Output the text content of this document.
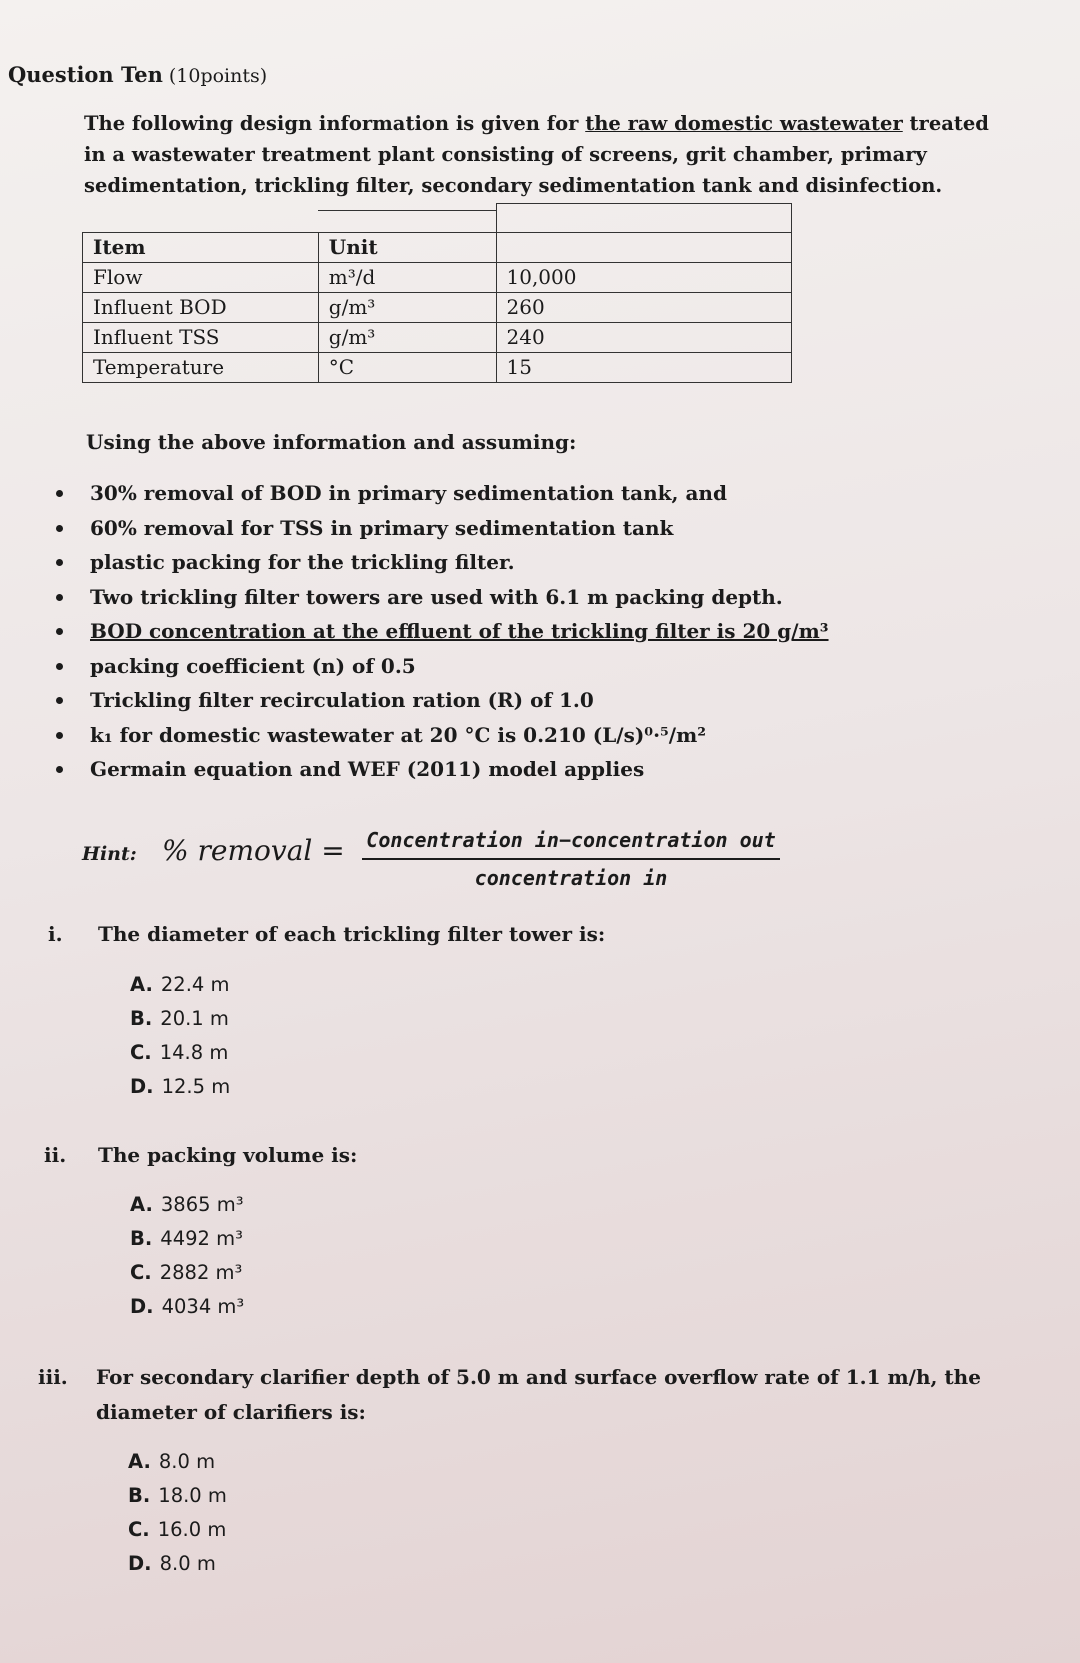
Question Ten (10points)
The following design information is given for the raw domestic wastewater treated
in a wastewater treatment plant consisting of screens, grit chamber, primary
sedimentation, trickling filter, secondary sedimentation tank and disinfection.
Item	Unit	
Flow	m³/d	10,000
Influent BOD	g/m³	260
Influent TSS	g/m³	240
Temperature	°C	15
Using the above information and assuming:
30% removal of BOD in primary sedimentation tank, and
60% removal for TSS in primary sedimentation tank
plastic packing for the trickling filter.
Two trickling filter towers are used with 6.1 m packing depth.
BOD concentration at the effluent of the trickling filter is 20 g/m³
packing coefficient (n) of 0.5
Trickling filter recirculation ration (R) of 1.0
k₁ for domestic wastewater at 20 °C is 0.210 (L/s)⁰·⁵/m²
Germain equation and WEF (2011) model applies
Hint: % removal = Concentration in−concentration out
concentration in
i. The diameter of each trickling filter tower is:
A. 22.4 m
B. 20.1 m
C. 14.8 m
D. 12.5 m
ii. The packing volume is:
A. 3865 m³
B. 4492 m³
C. 2882 m³
D. 4034 m³
iii. For secondary clarifier depth of 5.0 m and surface overflow rate of 1.1 m/h, the
diameter of clarifiers is:
A. 8.0 m
B. 18.0 m
C. 16.0 m
D. 8.0 m
